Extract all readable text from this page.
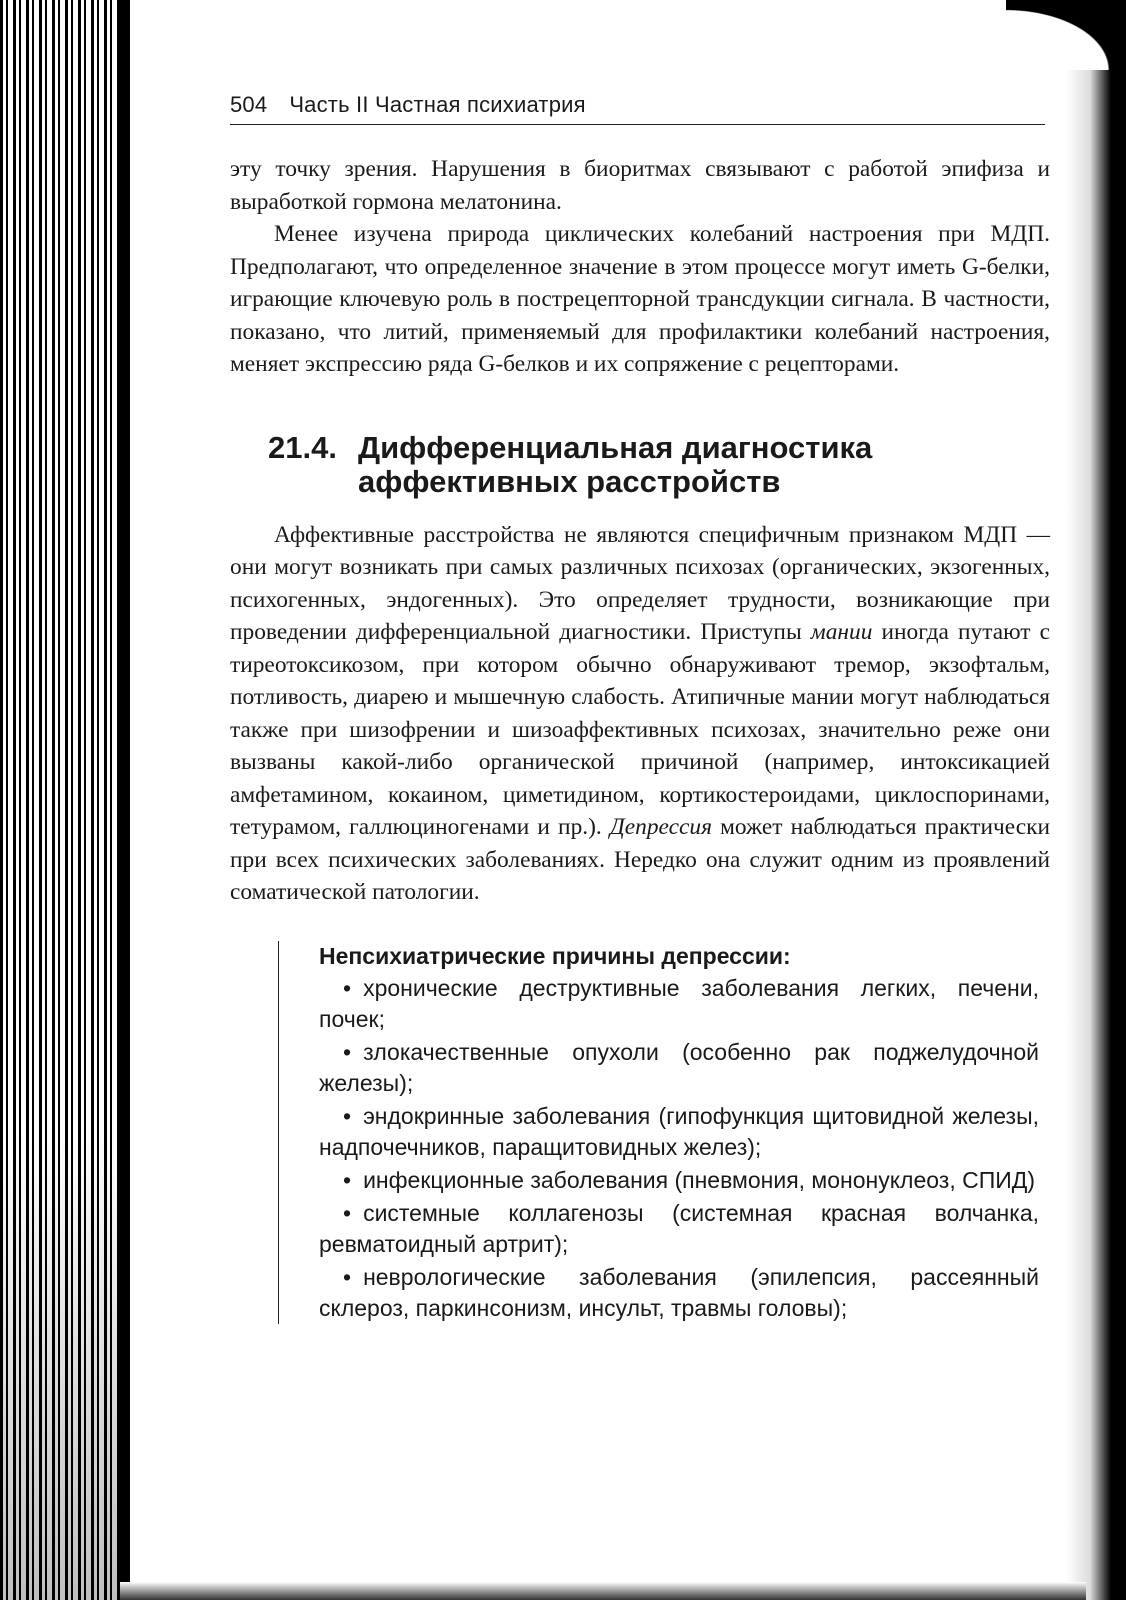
504 Часть II Частная психиатрия

эту точку зрения. Нарушения в биоритмах связывают с работой эпифиза и выработкой гормона мелатонина.

Менее изучена природа циклических колебаний настроения при МДП. Предполагают, что определенное значение в этом процессе могут иметь G-белки, играющие ключевую роль в пострецепторной трансдукции сигнала. В частности, показано, что литий, применяемый для профилактики колебаний настроения, меняет экспрессию ряда G-белков и их сопряжение с рецепторами.

21.4. Дифференциальная диагностика аффективных расстройств

Аффективные расстройства не являются специфичным признаком МДП — они могут возникать при самых различных психозах (органических, экзогенных, психогенных, эндогенных). Это определяет трудности, возникающие при проведении дифференциальной диагностики. Приступы мании иногда путают с тиреотоксикозом, при котором обычно обнаруживают тремор, экзофтальм, потливость, диарею и мышечную слабость. Атипичные мании могут наблюдаться также при шизофрении и шизоаффективных психозах, значительно реже они вызваны какой-либо органической причиной (например, интоксикацией амфетамином, кокаином, циметидином, кортикостероидами, циклоспоринами, тетурамом, галлюциногенами и пр.). Депрессия может наблюдаться практически при всех психических заболеваниях. Нередко она служит одним из проявлений соматической патологии.

Непсихиатрические причины депрессии:
• хронические деструктивные заболевания легких, печени, почек;
• злокачественные опухоли (особенно рак поджелудочной железы);
• эндокринные заболевания (гипофункция щитовидной железы, надпочечников, паращитовидных желез);
• инфекционные заболевания (пневмония, мононуклеоз, СПИД)
• системные коллагенозы (системная красная волчанка, ревматоидный артрит);
• неврологические заболевания (эпилепсия, рассеянный склероз, паркинсонизм, инсульт, травмы головы);
